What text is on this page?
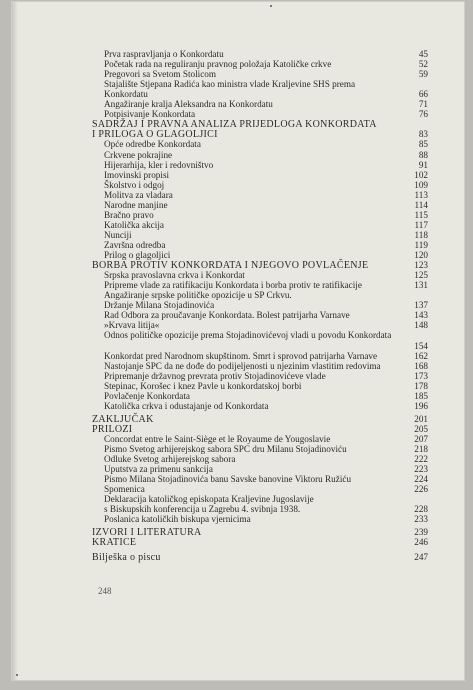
Prva raspravljanja o Konkordatu	45
Početak rada na reguliranju pravnog položaja Katoličke crkve	52
Pregovori sa Svetom Stolicom	59
Stajalište Stjepana Radića kao ministra vlade Kraljevine SHS prema
Konkordatu	66
Angažiranje kralja Aleksandra na Konkordatu	71
Potpisivanje Konkordata	76
SADRŽAJ I PRAVNA ANALIZA PRIJEDLOGA KONKORDATA
I PRILOGA O GLAGOLJICI	83
Opće odredbe Konkordata	85
Crkvene pokrajine	88
Hijerarhija, kler i redovništvo	91
Imovinski propisi	102
Školstvo i odgoj	109
Molitva za vladara	113
Narodne manjine	114
Bračno pravo	115
Katolička akcija	117
Nunciji	118
Završna odredba	119
Prilog o glagoljici	120
BORBA PROTIV KONKORDATA I NJEGOVO POVLAČENJE	123
Srpska pravoslavna crkva i Konkordat	125
Pripreme vlade za ratifikaciju Konkordata i borba protiv te ratifikacije	131
Angažiranje srpske političke opozicije u SP Crkvu.
Držanje Milana Stojadinovića	137
Rad Odbora za proučavanje Konkordata. Bolest patrijarha Varnave	143
»Krvava litija«	148
Odnos političke opozicije prema Stojadinovićevoj vladi u povodu Konkordata
154
Konkordat pred Narodnom skupštinom. Smrt i sprovod patrijarha Varnave	162
Nastojanje SPC da ne dođe do podijeljenosti u njezinim vlastitim redovima	168
Pripremanje državnog prevrata protiv Stojadinovićeve vlade	173
Stepinac, Korošec i knez Pavle u konkordatskoj borbi	178
Povlačenje Konkordata	185
Katolička crkva i odustajanje od Konkordata	196
ZAKLJUČAK	201
PRILOZI	205
Concordat entre le Saint-Siège et le Royaume de Yougoslavie	207
Pismo Svetog arhijerejskog sabora SPC dru Milanu Stojadinoviću	218
Odluke Svetog arhijerejskog sabora	222
Uputstva za primenu sankcija	223
Pismo Milana Stojadinovića banu Savske banovine Viktoru Ružiću	224
Spomenica	226
Deklaracija katoličkog episkopata Kraljevine Jugoslavije
s Biskupskih konferencija u Zagrebu 4. svibnja 1938.	228
Poslanica katoličkih biskupa vjernicima	233
IZVORI I LITERATURA	239
KRATICE	246
Bilješka o piscu	247
248
